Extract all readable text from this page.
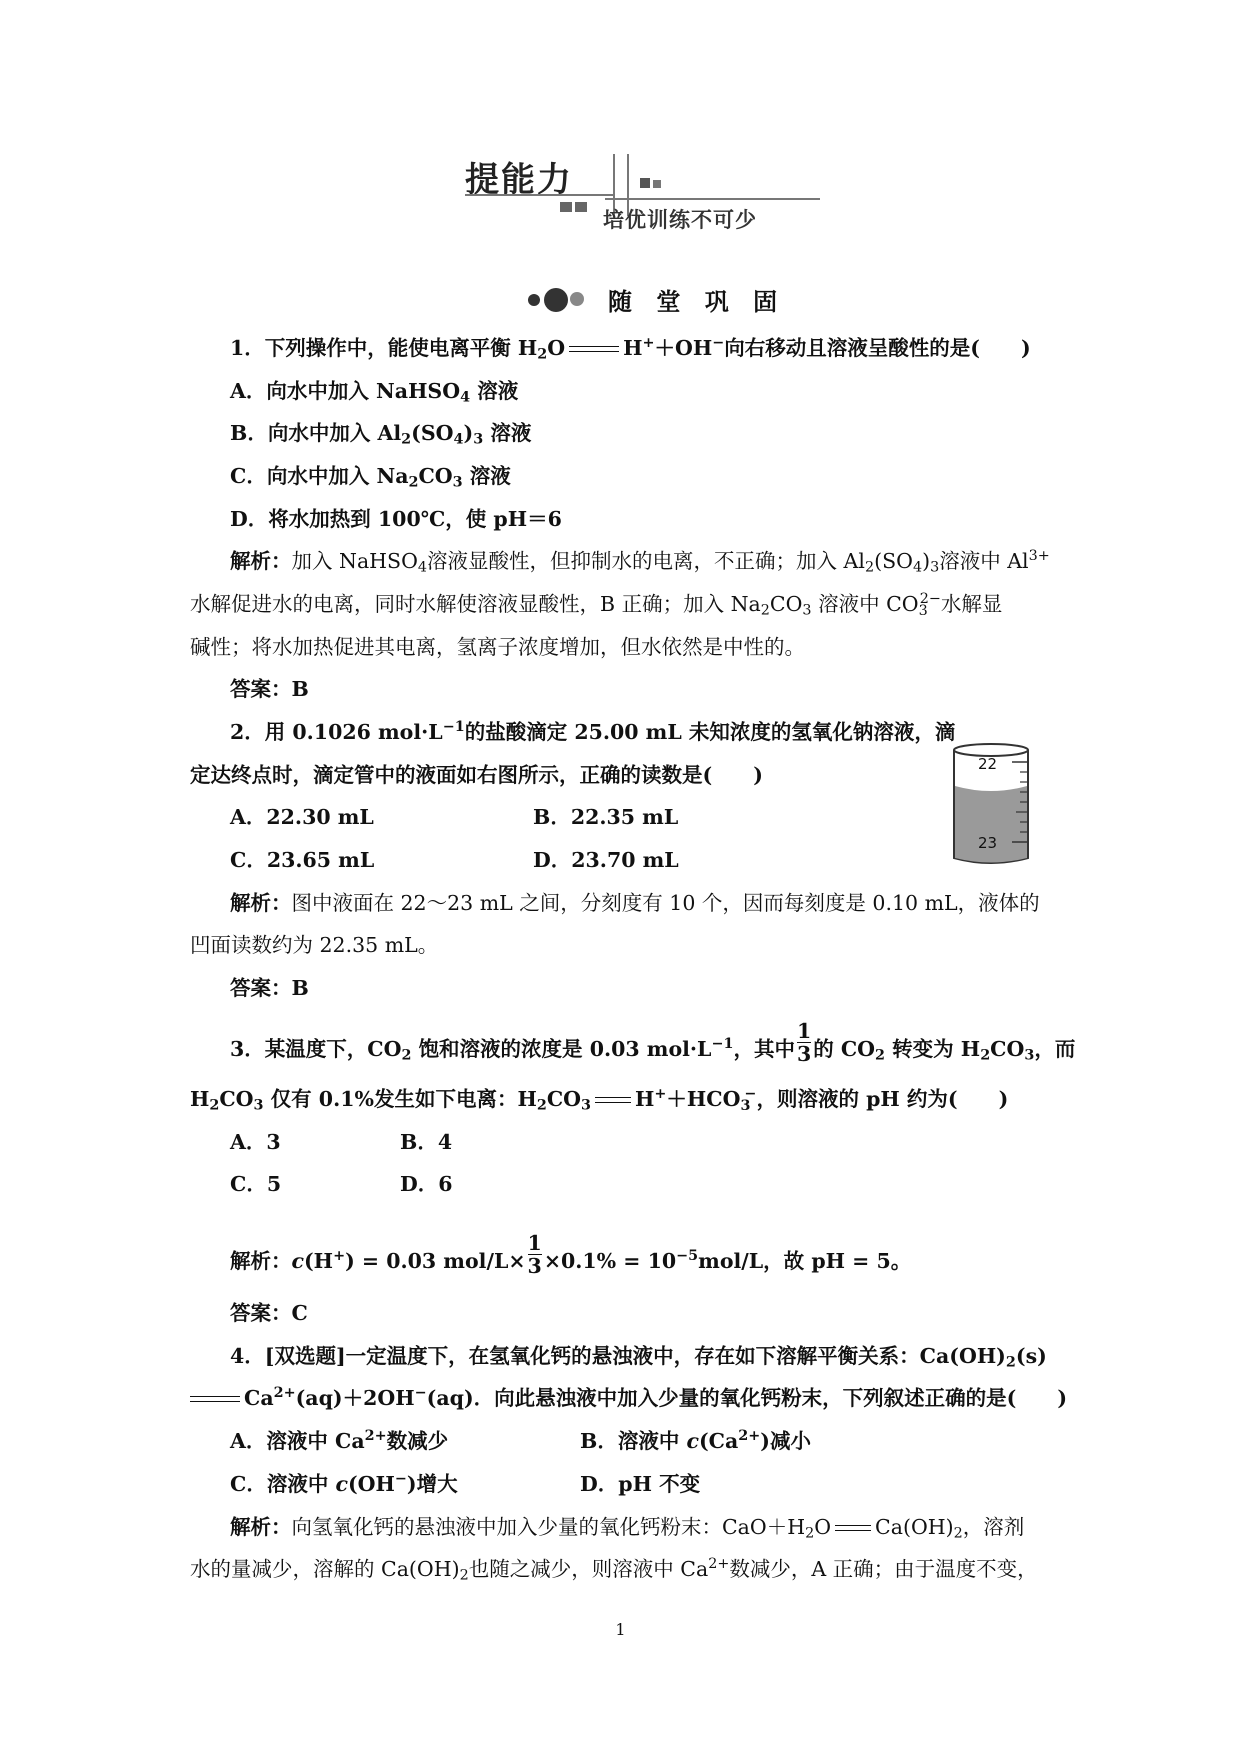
提能力
培优训练不可少
随 堂 巩 固
1．下列操作中，能使电离平衡 $H_2O$	H+＋OH−向右移动且溶液呈酸性的是(　　)
A．向水中加入 NaHSO$_4$ 溶液
B．向水中加入 $Al_2(SO_4)_3$ 溶液
C．向水中加入 $Na_2CO_3$ 溶液
D．将水加热到 100℃，使 pH＝6
解析：加入 NaHSO$_4$溶液显酸性，但抑制水的电离，不正确；加入 $Al_2(SO_4)_3$溶液中 $Al^{3+}$
水解促进水的电离，同时水解使溶液显酸性，B 正确；加入 $Na_2CO_3$ 溶液中 $CO_3^{2-}$水解显
碱性；将水加热促进其电离，氢离子浓度增加，但水依然是中性的。
答案：B
2．用 0.1026 $mol\cdot L^{-1}$的盐酸滴定 25.00 mL 未知浓度的氢氧化钠溶液，滴
定达终点时，滴定管中的液面如右图所示，正确的读数是(　　)
A．22.30 mL	B．22.35 mL
C．23.65 mL	D．23.70 mL
22
23
解析：图中液面在 22～23 mL 之间，分刻度有 10 个，因而每刻度是 0.10 mL，液体的
凹面读数约为 22.35 mL。
答案：B
3．某温度下，$CO_2$ 饱和溶液的浓度是 0.03 $mol\cdot L^{-1}$，其中 $\frac{1}{3}$ 的 $CO_2$ 转变为 $H_2CO_3$，而
$H_2CO_3$ 仅有 0.1%发生如下电离：$H_2CO_3$ $H^++HCO_3^-$，则溶液的 pH 约为(　　)
A．3	B．4
C．5	D．6
解析：c(H+) = 0.03 $mol/L\times \frac{1}{3} \times 0.1\% = 10^{-5}mol/L$，故 pH = 5。
答案：C
4．[双选题]一定温度下，在氢氧化钙的悬浊液中，存在如下溶解平衡关系：$Ca(OH)_2(s)$
$Ca^{2+}(aq)+2OH^-(aq)$．向此悬浊液中加入少量的氧化钙粉末，下列叙述正确的是(　　)
A．溶液中 $Ca^{2+}$数减少	B．溶液中 $c(Ca^{2+})$减小
C．溶液中 c(OH−)增大	D．pH 不变
解析：向氢氧化钙的悬浊液中加入少量的氧化钙粉末：$CaO+H_2O$ $Ca(OH)_2$，溶剂
水的量减少，溶解的 $Ca(OH)_2$也随之减少，则溶液中 $Ca^{2+}$数减少，A 正确；由于温度不变，
1
